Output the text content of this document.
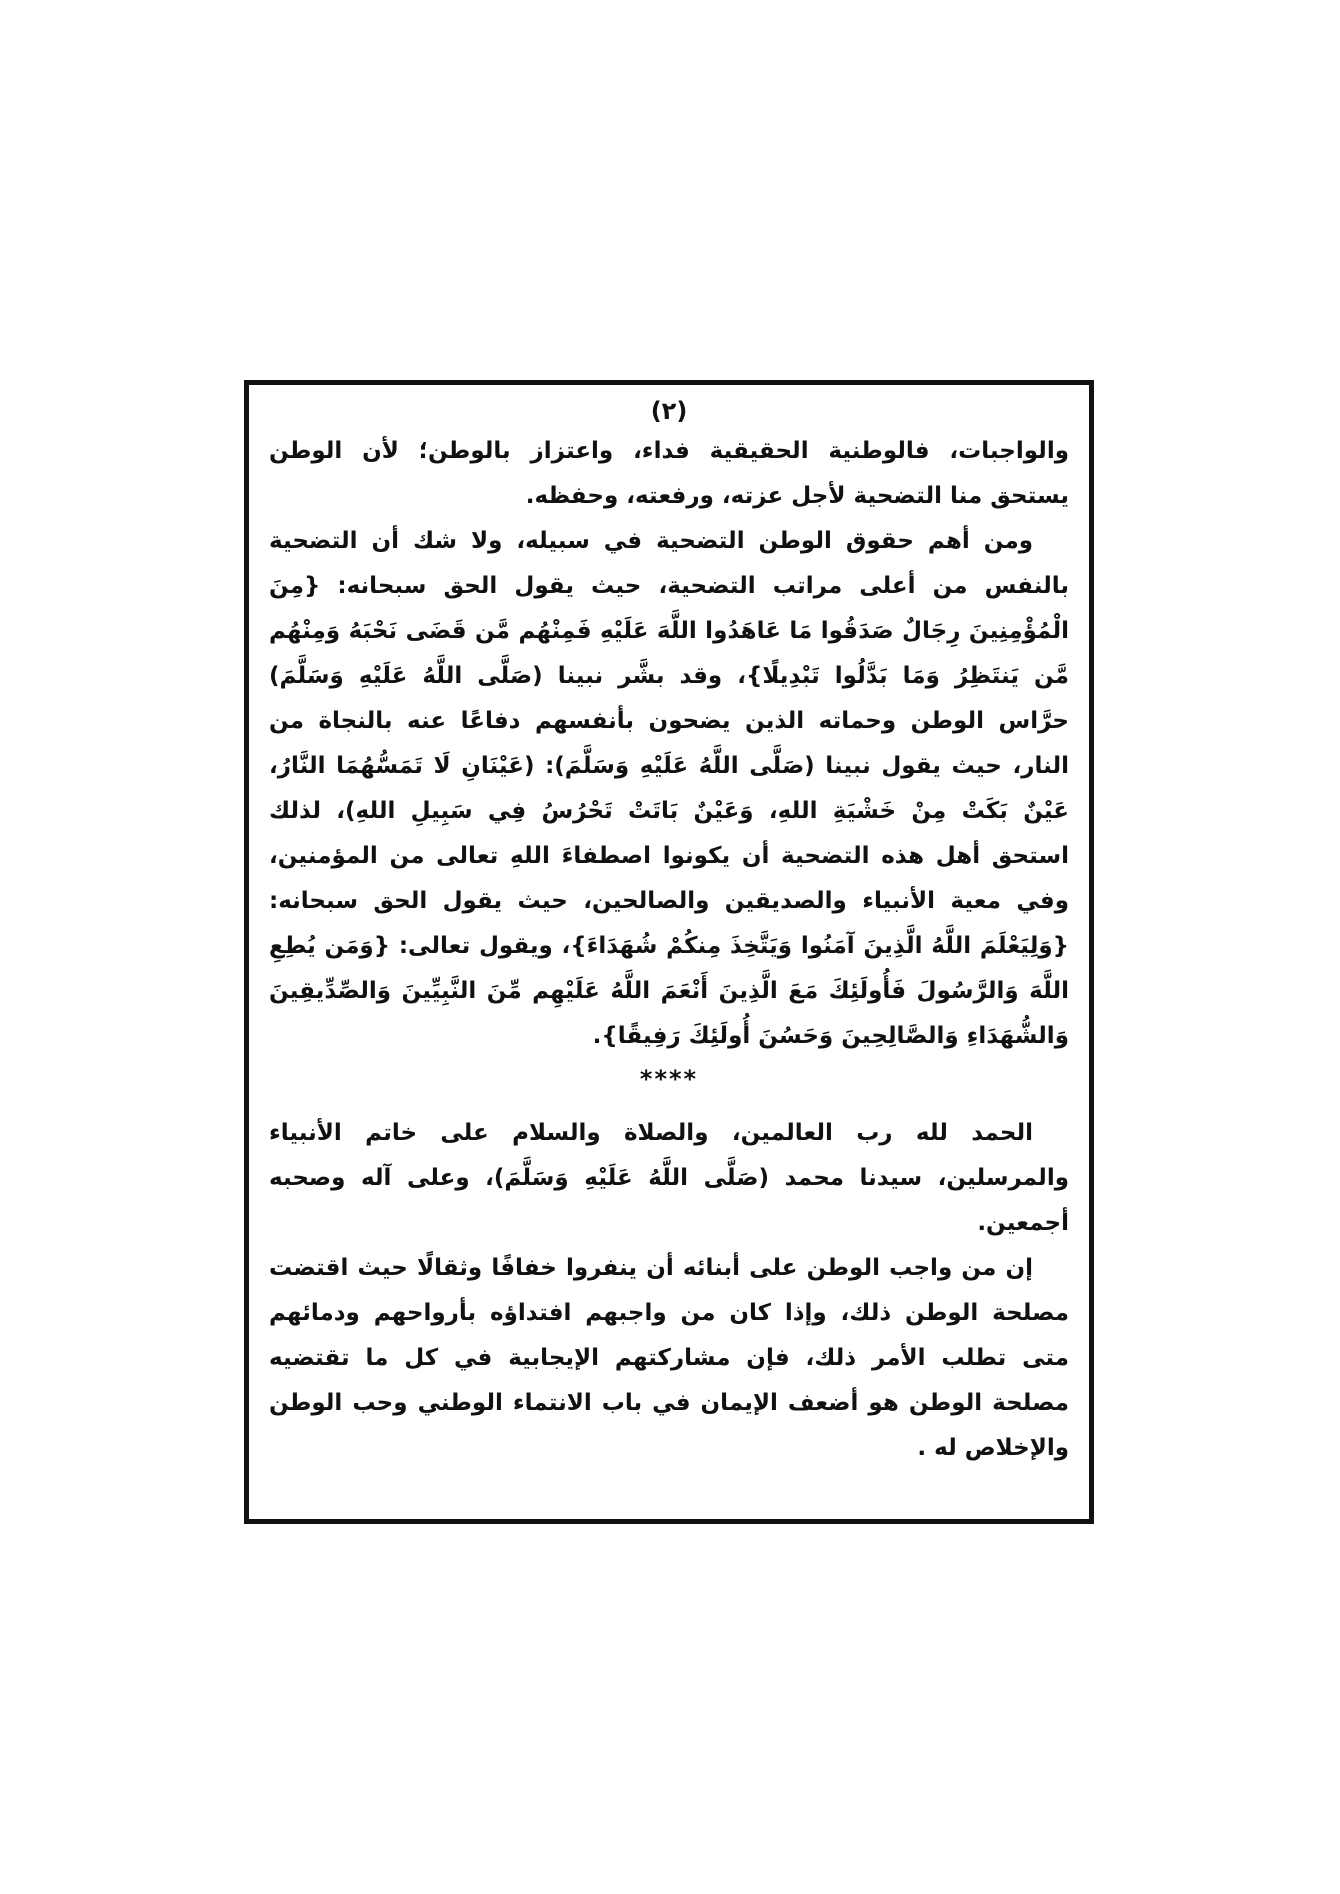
(٢)

والواجبات، فالوطنية الحقيقية فداء، واعتزاز بالوطن؛ لأن الوطن يستحق منا التضحية لأجل عزته، ورفعته، وحفظه.

ومن أهم حقوق الوطن التضحية في سبيله، ولا شك أن التضحية بالنفس من أعلى مراتب التضحية، حيث يقول الحق سبحانه: {مِنَ الْمُؤْمِنِينَ رِجَالٌ صَدَقُوا مَا عَاهَدُوا اللَّهَ عَلَيْهِ فَمِنْهُم مَّن قَضَى نَحْبَهُ وَمِنْهُم مَّن يَنتَظِرُ وَمَا بَدَّلُوا تَبْدِيلًا}، وقد بشَّر نبينا (صَلَّى اللَّهُ عَلَيْهِ وَسَلَّمَ) حرَّاس الوطن وحماته الذين يضحون بأنفسهم دفاعًا عنه بالنجاة من النار، حيث يقول نبينا (صَلَّى اللَّهُ عَلَيْهِ وَسَلَّمَ): (عَيْنَانِ لَا تَمَسُّهُمَا النَّارُ، عَيْنٌ بَكَتْ مِنْ خَشْيَةِ اللهِ، وَعَيْنٌ بَاتَتْ تَحْرُسُ فِي سَبِيلِ اللهِ)، لذلك استحق أهل هذه التضحية أن يكونوا اصطفاءَ اللهِ تعالى من المؤمنين، وفي معية الأنبياء والصديقين والصالحين، حيث يقول الحق سبحانه: {وَلِيَعْلَمَ اللَّهُ الَّذِينَ آمَنُوا وَيَتَّخِذَ مِنكُمْ شُهَدَاءَ}، ويقول تعالى: {وَمَن يُطِعِ اللَّهَ وَالرَّسُولَ فَأُولَئِكَ مَعَ الَّذِينَ أَنْعَمَ اللَّهُ عَلَيْهِم مِّنَ النَّبِيِّينَ وَالصِّدِّيقِينَ وَالشُّهَدَاءِ وَالصَّالِحِينَ وَحَسُنَ أُولَئِكَ رَفِيقًا}.

****

الحمد لله رب العالمين، والصلاة والسلام على خاتم الأنبياء والمرسلين، سيدنا محمد (صَلَّى اللَّهُ عَلَيْهِ وَسَلَّمَ)، وعلى آله وصحبه أجمعين.

إن من واجب الوطن على أبنائه أن ينفروا خفافًا وثقالًا حيث اقتضت مصلحة الوطن ذلك، وإذا كان من واجبهم افتداؤه بأرواحهم ودمائهم متى تطلب الأمر ذلك، فإن مشاركتهم الإيجابية في كل ما تقتضيه مصلحة الوطن هو أضعف الإيمان في باب الانتماء الوطني وحب الوطن والإخلاص له .
